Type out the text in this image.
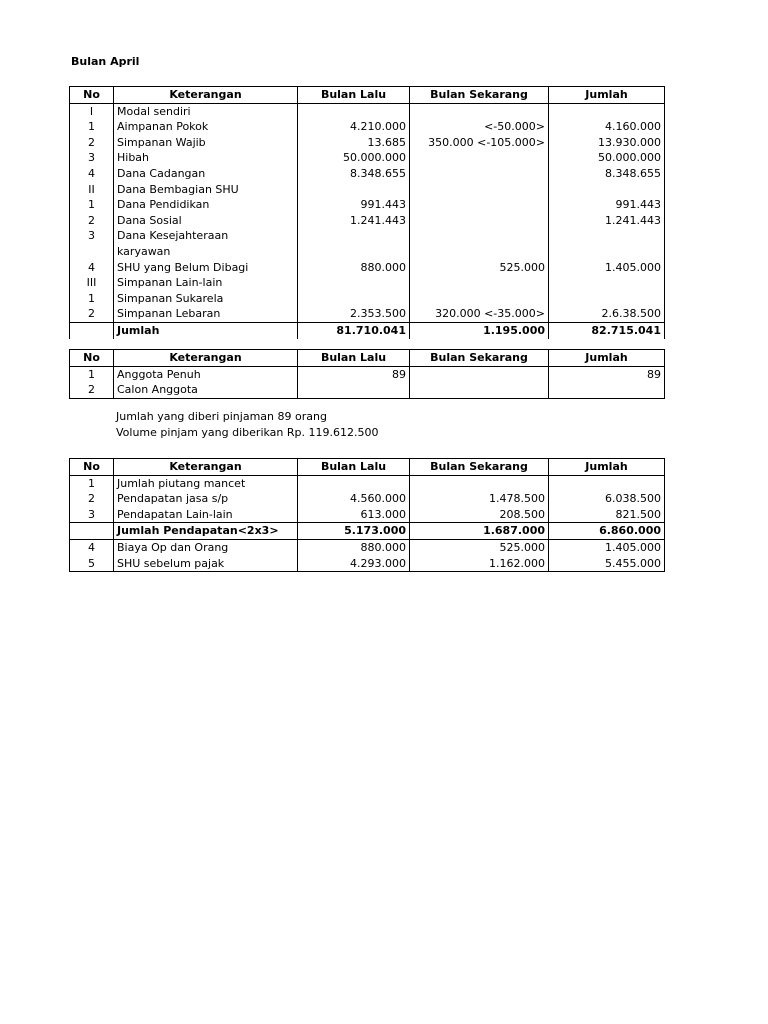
Bulan April
No	Keterangan	Bulan Lalu	Bulan Sekarang	Jumlah
I	Modal sendiri			
1	Aimpanan Pokok	4.210.000	<-50.000>	4.160.000
2	Simpanan Wajib	13.685	350.000 <-105.000>	13.930.000
3	Hibah	50.000.000		50.000.000
4	Dana Cadangan	8.348.655		8.348.655
II	Dana Bembagian SHU			
1	Dana Pendidikan	991.443		991.443
2	Dana Sosial	1.241.443		1.241.443
3	Dana Kesejahteraan			
	karyawan			
4	SHU yang Belum Dibagi	880.000	525.000	1.405.000
III	Simpanan Lain-lain			
1	Simpanan Sukarela			
2	Simpanan Lebaran	2.353.500	320.000 <-35.000>	2.6.38.500
	Jumlah	81.710.041	1.195.000	82.715.041
No	Keterangan	Bulan Lalu	Bulan Sekarang	Jumlah
1	Anggota Penuh	89		89
2	Calon Anggota			
Jumlah yang diberi pinjaman 89 orang
Volume pinjam yang diberikan Rp. 119.612.500
No	Keterangan	Bulan Lalu	Bulan Sekarang	Jumlah
1	Jumlah piutang mancet			
2	Pendapatan jasa s/p	4.560.000	1.478.500	6.038.500
3	Pendapatan Lain-lain	613.000	208.500	821.500
	Jumlah Pendapatan<2x3>	5.173.000	1.687.000	6.860.000
4	Biaya Op dan Orang	880.000	525.000	1.405.000
5	SHU sebelum pajak	4.293.000	1.162.000	5.455.000
